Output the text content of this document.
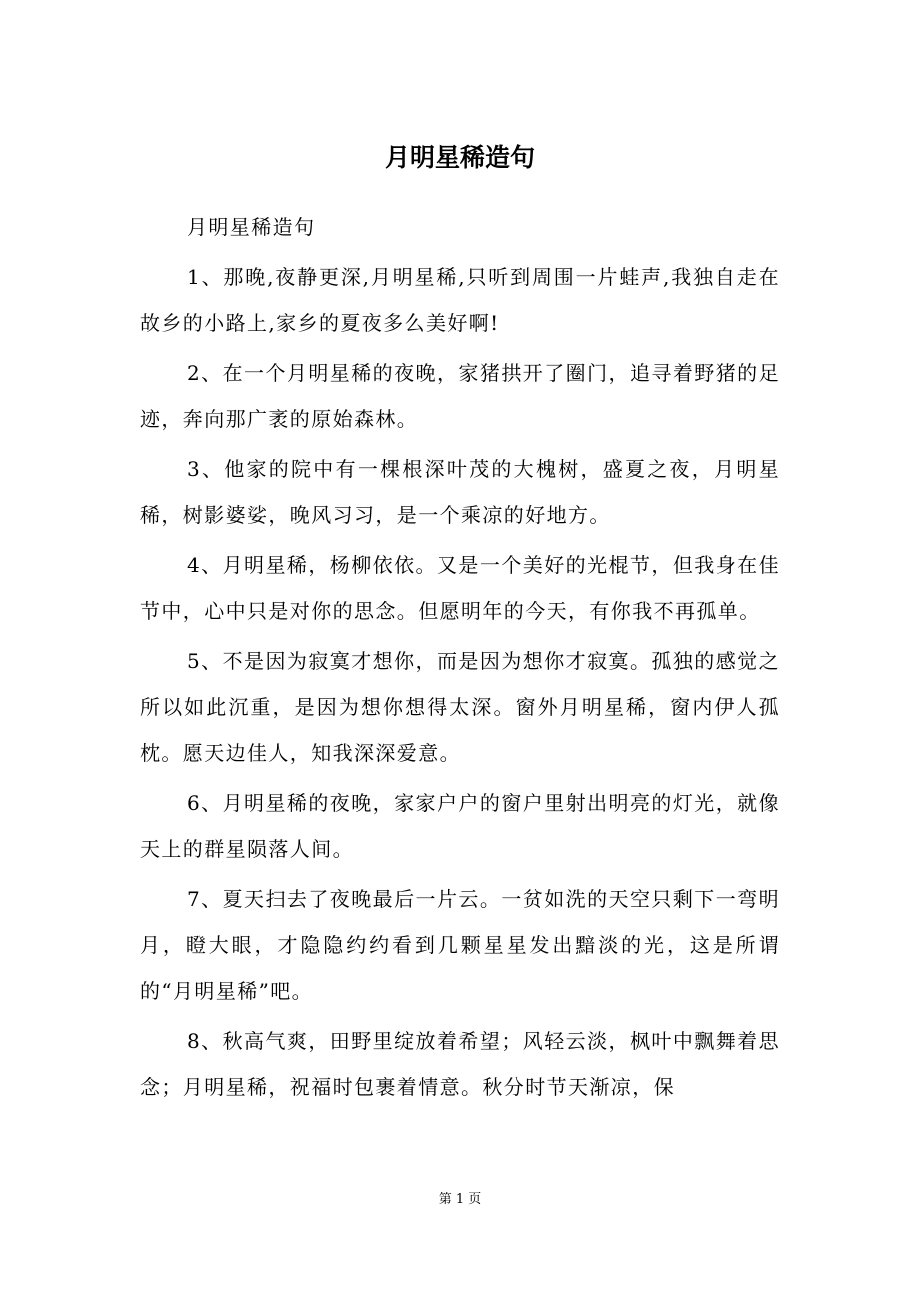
月明星稀造句

月明星稀造句

1、那晚,夜静更深,月明星稀,只听到周围一片蛙声,我独自走在故乡的小路上,家乡的夏夜多么美好啊!

2、在一个月明星稀的夜晚，家猪拱开了圈门，追寻着野猪的足迹，奔向那广袤的原始森林。

3、他家的院中有一棵根深叶茂的大槐树，盛夏之夜，月明星稀，树影婆娑，晚风习习，是一个乘凉的好地方。

4、月明星稀，杨柳依依。又是一个美好的光棍节，但我身在佳节中，心中只是对你的思念。但愿明年的今天，有你我不再孤单。

5、不是因为寂寞才想你，而是因为想你才寂寞。孤独的感觉之所以如此沉重，是因为想你想得太深。窗外月明星稀，窗内伊人孤枕。愿天边佳人，知我深深爱意。

6、月明星稀的夜晚，家家户户的窗户里射出明亮的灯光，就像天上的群星陨落人间。

7、夏天扫去了夜晚最后一片云。一贫如洗的天空只剩下一弯明月，瞪大眼，才隐隐约约看到几颗星星发出黯淡的光，这是所谓的“月明星稀”吧。

8、秋高气爽，田野里绽放着希望；风轻云淡，枫叶中飘舞着思念；月明星稀，祝福时包裹着情意。秋分时节天渐凉，保

第 1 页
